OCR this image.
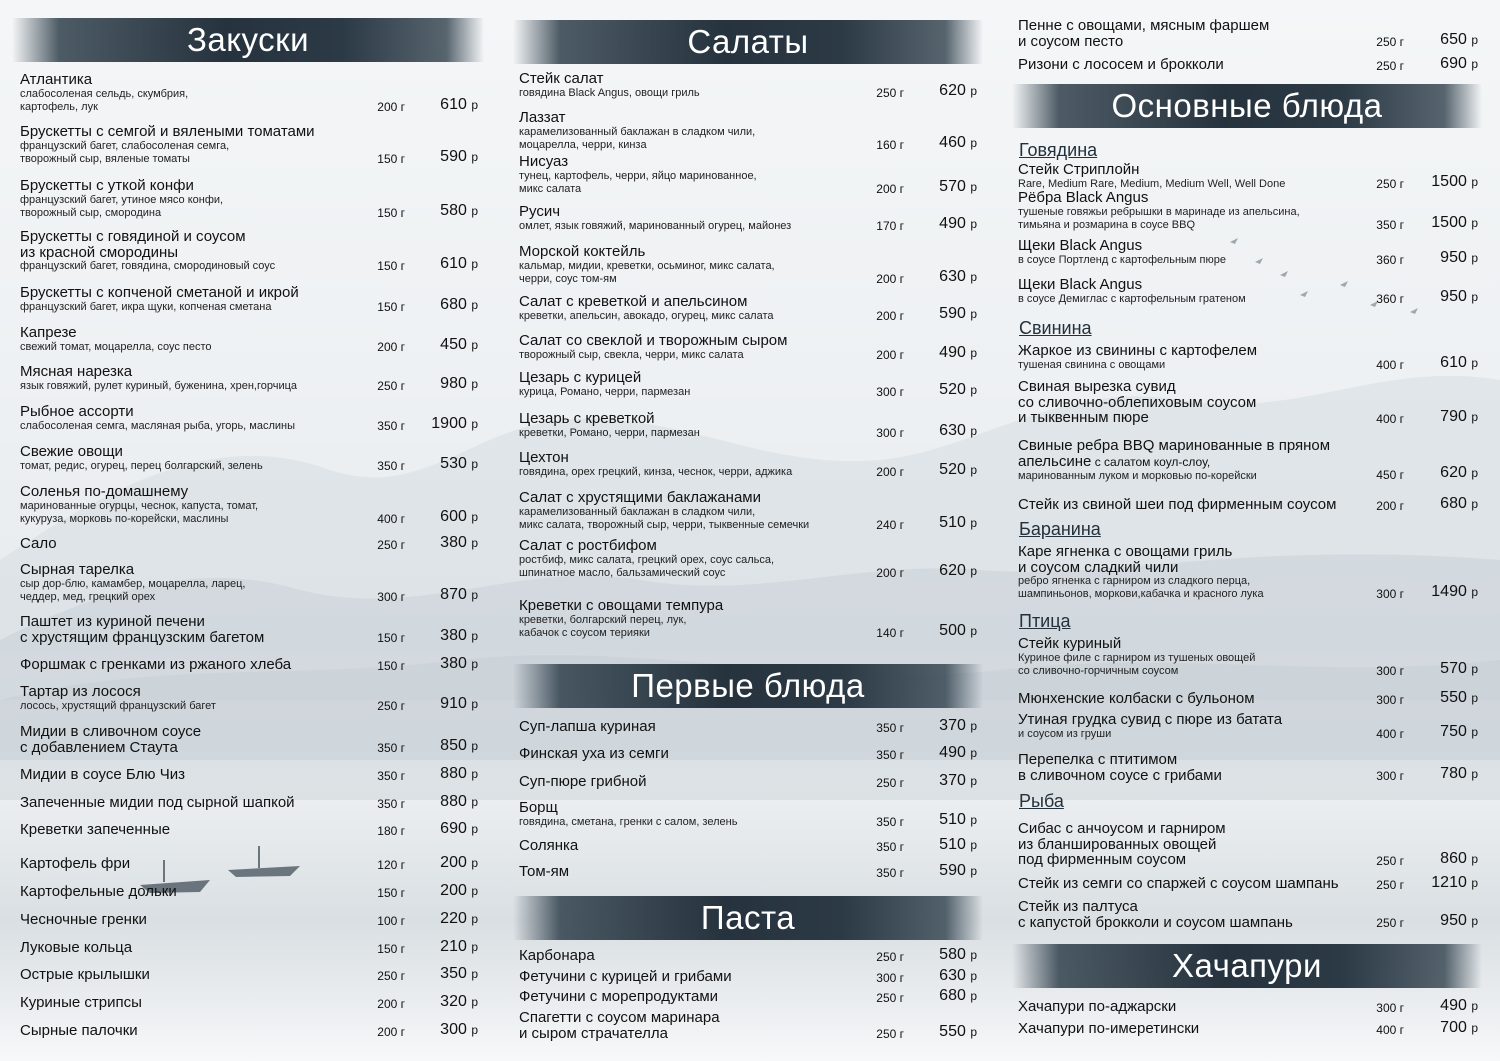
Закуски
Атлантика
слабосоленая сельдь, скумбрия,
картофель, лук	200 г 610 р
Брускетты с семгой и вялеными томатами
французский багет, слабосоленая семга,
творожный сыр, вяленые томаты	150 г 590 р
Брускетты с уткой конфи
французский багет, утиное мясо конфи,
творожный сыр, смородина	150 г 580 р
Брускетты с говядиной и соусом
из красной смородины
французский багет, говядина, смородиновый соус	150 г 610 р
Брускетты с копченой сметаной и икрой
французский багет, икра щуки, копченая сметана	150 г 680 р
Капрезе
свежий томат, моцарелла, соус песто	200 г 450 р
Мясная нарезка
язык говяжий, рулет куриный, буженина, хрен,горчица	250 г 980 р
Рыбное ассорти
слабосоленая семга, масляная рыба, угорь, маслины	350 г 1900 р
Свежие овощи
томат, редис, огурец, перец болгарский, зелень	350 г 530 р
Соленья по-домашнему
маринованные огурцы, чеснок, капуста, томат,
кукуруза, морковь по-корейски, маслины	400 г 600 р
Сало	250 г 380 р
Сырная тарелка
сыр дор-блю, камамбер, моцарелла, ларец,
чеддер, мед, грецкий орех	300 г 870 р
Паштет из куриной печени
с хрустящим французским багетом	150 г 380 р
Форшмак с гренками из ржаного хлеба	150 г 380 р
Тартар из лосося
лосось, хрустящий французский багет	250 г 910 р
Мидии в сливочном соусе
с добавлением Стаута	350 г 850 р
Мидии в соусе Блю Чиз	350 г 880 р
Запеченные мидии под сырной шапкой	350 г 880 р
Креветки запеченные	180 г 690 р
Картофель фри	120 г 200 р
Картофельные дольки	150 г 200 р
Чесночные гренки	100 г 220 р
Луковые кольца	150 г 210 р
Острые крылышки	250 г 350 р
Куриные стрипсы	200 г 320 р
Сырные палочки	200 г 300 р
Салаты
Стейк салат
говядина Black Angus, овощи гриль	250 г 620 р
Лаззат
карамелизованный баклажан в сладком чили,
моцарелла, черри, кинза	160 г 460 р
Нисуаз
тунец, картофель, черри, яйцо маринованное,
микс салата	200 г 570 р
Русич
омлет, язык говяжий, маринованный огурец, майонез	170 г 490 р
Морской коктейль
кальмар, мидии, креветки, осьминог, микс салата,
черри, соус том-ям	200 г 630 р
Салат с креветкой и апельсином
креветки, апельсин, авокадо, огурец, микс салата	200 г 590 р
Салат со свеклой и творожным сыром
творожный сыр, свекла, черри, микс салата	200 г 490 р
Цезарь с курицей
курица, Романо, черри, пармезан	300 г 520 р
Цезарь с креветкой
креветки, Романо, черри, пармезан	300 г 630 р
Цехтон
говядина, орех грецкий, кинза, чеснок, черри, аджика	200 г 520 р
Салат с хрустящими баклажанами
карамелизованный баклажан в сладком чили,
микс салата, творожный сыр, черри, тыквенные семечки	240 г 510 р
Салат с ростбифом
ростбиф, микс салата, грецкий орех, соус сальса,
шпинатное масло, бальзамический соус	200 г 620 р
Креветки с овощами темпура
креветки, болгарский перец, лук,
кабачок с соусом терияки	140 г 500 р
Первые блюда
Суп-лапша куриная	350 г 370 р
Финская уха из семги	350 г 490 р
Суп-пюре грибной	250 г 370 р
Борщ
говядина, сметана, гренки с салом, зелень	350 г 510 р
Солянка	350 г 510 р
Том-ям	350 г 590 р
Паста
Карбонара	250 г 580 р
Фетучини с курицей и грибами	300 г 630 р
Фетучини с морепродуктами	250 г 680 р
Спагетти с соусом маринара
и сыром страчателла	250 г 550 р
Пенне с овощами, мясным фаршем
и соусом песто	250 г 650 р
Ризони с лососем и брокколи	250 г 690 р
Основные блюда
Говядина
Стейк Стриплойн
Rare, Medium Rare, Medium, Medium Well, Well Done	250 г 1500 р
Рёбра Black Angus
тушеные говяжьи ребрышки в маринаде из апельсина,
тимьяна и розмарина в соусе BBQ	350 г 1500 р
Щеки Black Angus
в соусе Портленд с картофельным пюре	360 г 950 р
Щеки Black Angus
в соусе Демиглас с картофельным гратеном	360 г 950 р
Свинина
Жаркое из свинины с картофелем
тушеная свинина с овощами	400 г 610 р
Свиная вырезка сувид
со сливочно-облепиховым соусом
и тыквенным пюре	400 г 790 р
Свиные ребра BBQ маринованные в пряном
апельсине с салатом коул-слоу,
маринованным луком и морковью по-корейски	450 г 620 р
Стейк из свиной шеи под фирменным соусом	200 г 680 р
Баранина
Каре ягненка с овощами гриль
и соусом сладкий чили
ребро ягненка с гарниром из сладкого перца,
шампиньонов, моркови,кабачка и красного лука	300 г 1490 р
Птица
Стейк куриный
Куриное филе с гарниром из тушеных овощей
со сливочно-горчичным соусом	300 г 570 р
Мюнхенские колбаски с бульоном	300 г 550 р
Утиная грудка сувид с пюре из батата
и соусом из груши	400 г 750 р
Перепелка с птитимом
в сливочном соусе с грибами	300 г 780 р
Рыба
Сибас с анчоусом и гарниром
из бланшированных овощей
под фирменным соусом	250 г 860 р
Стейк из семги со спаржей с соусом шампань	250 г 1210 р
Стейк из палтуса
с капустой брокколи и соусом шампань	250 г 950 р
Хачапури
Хачапури по-аджарски	300 г 490 р
Хачапури по-имеретински	400 г 700 р
